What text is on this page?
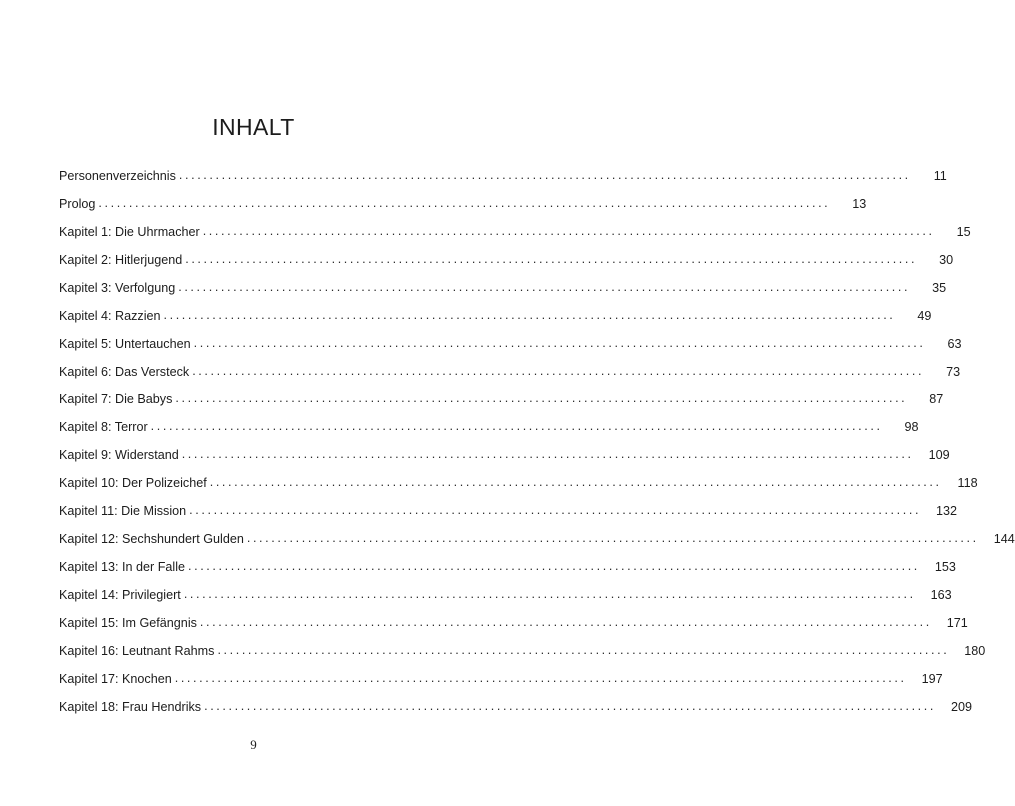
INHALT
Personenverzeichnis ........................................................................................................................	11
Prolog ........................................................................................................................	13
Kapitel 1: Die Uhrmacher ........................................................................................................................	15
Kapitel 2: Hitlerjugend ........................................................................................................................	30
Kapitel 3: Verfolgung ........................................................................................................................	35
Kapitel 4: Razzien ........................................................................................................................	49
Kapitel 5: Untertauchen ........................................................................................................................	63
Kapitel 6: Das Versteck ........................................................................................................................	73
Kapitel 7: Die Babys ........................................................................................................................	87
Kapitel 8: Terror ........................................................................................................................	98
Kapitel 9: Widerstand ........................................................................................................................	109
Kapitel 10: Der Polizeichef ........................................................................................................................	118
Kapitel 11: Die Mission ........................................................................................................................	132
Kapitel 12: Sechshundert Gulden ........................................................................................................................	144
Kapitel 13: In der Falle ........................................................................................................................	153
Kapitel 14: Privilegiert ........................................................................................................................	163
Kapitel 15: Im Gefängnis ........................................................................................................................	171
Kapitel 16: Leutnant Rahms ........................................................................................................................	180
Kapitel 17: Knochen ........................................................................................................................	197
Kapitel 18: Frau Hendriks ........................................................................................................................	209
9
